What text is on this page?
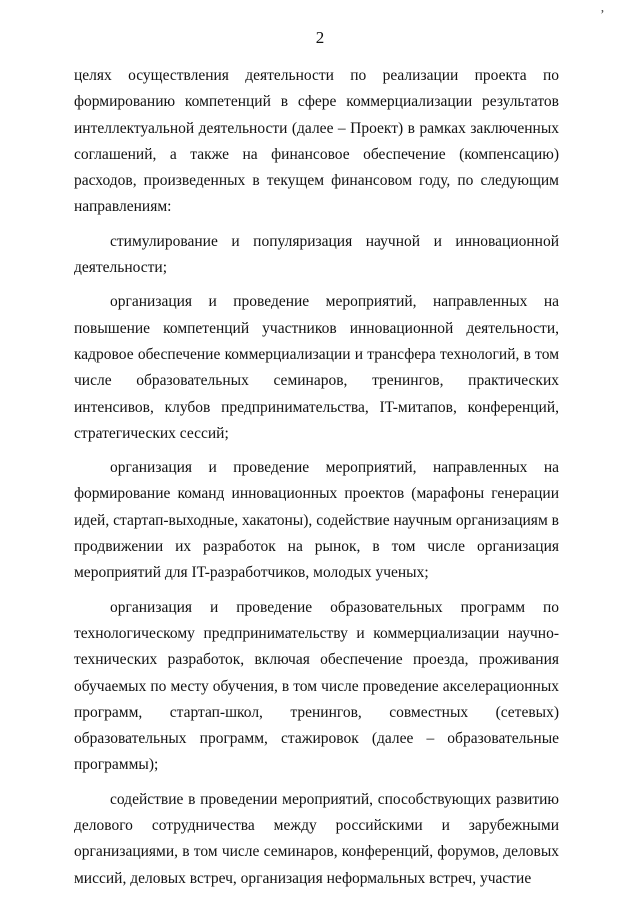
’
2

целях осуществления деятельности по реализации проекта по формированию компетенций в сфере коммерциализации результатов интеллектуальной деятельности (далее – Проект) в рамках заключенных соглашений, а также на финансовое обеспечение (компенсацию) расходов, произведенных в текущем финансовом году, по следующим направлениям:

стимулирование и популяризация научной и инновационной деятельности;

организация и проведение мероприятий, направленных на повышение компетенций участников инновационной деятельности, кадровое обеспечение коммерциализации и трансфера технологий, в том числе образовательных семинаров, тренингов, практических интенсивов, клубов предпринимательства, IT-митапов, конференций, стратегических сессий;

организация и проведение мероприятий, направленных на формирование команд инновационных проектов (марафоны генерации идей, стартап-выходные, хакатоны), содействие научным организациям в продвижении их разработок на рынок, в том числе организация мероприятий для IT-разработчиков, молодых ученых;

организация и проведение образовательных программ по технологическому предпринимательству и коммерциализации научно-технических разработок, включая обеспечение проезда, проживания обучаемых по месту обучения, в том числе проведение акселерационных программ, стартап-школ, тренингов, совместных (сетевых) образовательных программ, стажировок (далее – образовательные программы);

содействие в проведении мероприятий, способствующих развитию делового сотрудничества между российскими и зарубежными организациями, в том числе семинаров, конференций, форумов, деловых миссий, деловых встреч, организация неформальных встреч, участие
